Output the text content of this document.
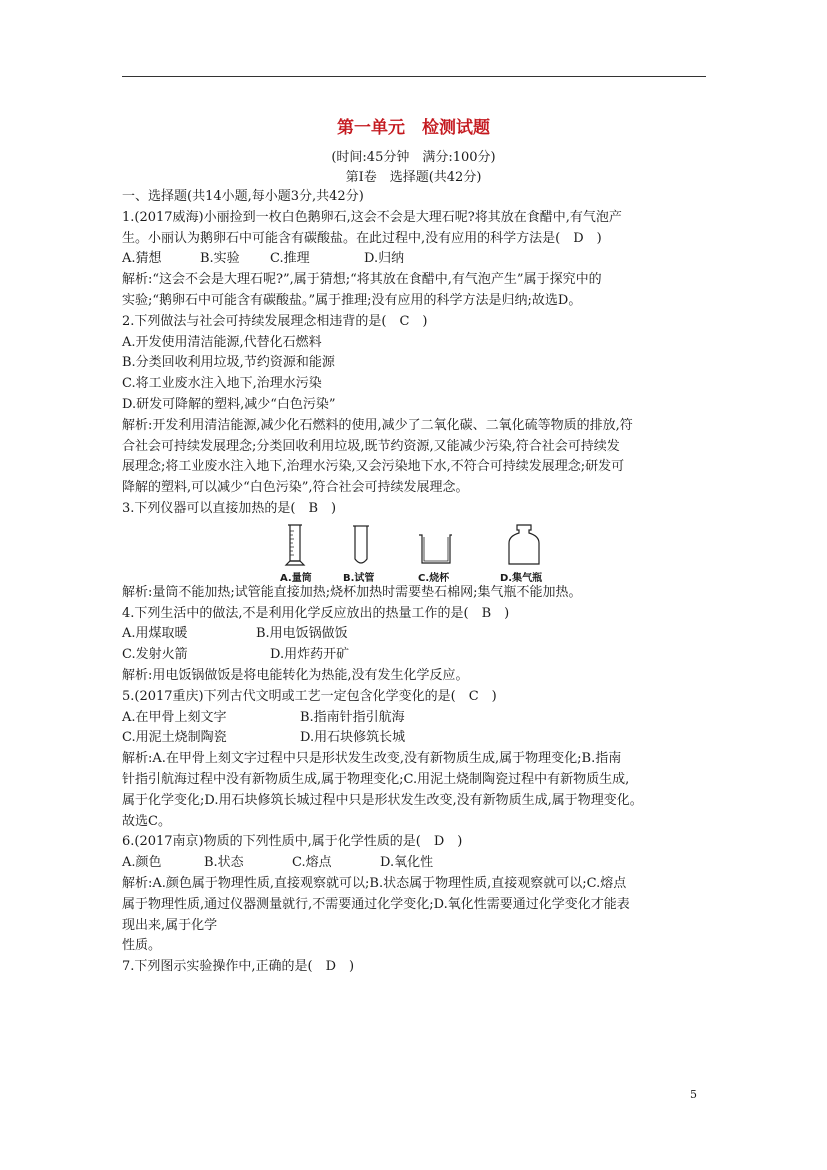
第一单元　检测试题
(时间:45分钟　满分:100分)
第Ⅰ卷　选择题(共42分)

一、选择题(共14小题,每小题3分,共42分)

1.(2017威海)小丽捡到一枚白色鹅卵石,这会不会是大理石呢?将其放在食醋中,有气泡产

生。小丽认为鹅卵石中可能含有碳酸盐。在此过程中,没有应用的科学方法是(　D　)

A.猜想	B.实验 C.推理	D.归纳

解析:“这会不会是大理石呢?”,属于猜想;“将其放在食醋中,有气泡产生”属于探究中的

实验;“鹅卵石中可能含有碳酸盐。”属于推理;没有应用的科学方法是归纳;故选D。

2.下列做法与社会可持续发展理念相违背的是(　C　)

A.开发使用清洁能源,代替化石燃料

B.分类回收利用垃圾,节约资源和能源

C.将工业废水注入地下,治理水污染

D.研发可降解的塑料,减少“白色污染”

解析:开发利用清洁能源,减少化石燃料的使用,减少了二氧化碳、二氧化硫等物质的排放,符

合社会可持续发展理念;分类回收利用垃圾,既节约资源,又能减少污染,符合社会可持续发

展理念;将工业废水注入地下,治理水污染,又会污染地下水,不符合可持续发展理念;研发可

降解的塑料,可以减少“白色污染”,符合社会可持续发展理念。

3.下列仪器可以直接加热的是(　B　)

A.量筒	B.试管	C.烧杯	D.集气瓶

解析:量筒不能加热;试管能直接加热;烧杯加热时需要垫石棉网;集气瓶不能加热。

4.下列生活中的做法,不是利用化学反应放出的热量工作的是(　B　)

A.用煤取暖	B.用电饭锅做饭

C.发射火箭	D.用炸药开矿

解析:用电饭锅做饭是将电能转化为热能,没有发生化学反应。

5.(2017重庆)下列古代文明或工艺一定包含化学变化的是(　C　)

A.在甲骨上刻文字	B.指南针指引航海

C.用泥土烧制陶瓷	D.用石块修筑长城

解析:A.在甲骨上刻文字过程中只是形状发生改变,没有新物质生成,属于物理变化;B.指南

针指引航海过程中没有新物质生成,属于物理变化;C.用泥土烧制陶瓷过程中有新物质生成,

属于化学变化;D.用石块修筑长城过程中只是形状发生改变,没有新物质生成,属于物理变化。

故选C。

6.(2017南京)物质的下列性质中,属于化学性质的是(　D　)

A.颜色	B.状态	C.熔点	D.氧化性

解析:A.颜色属于物理性质,直接观察就可以;B.状态属于物理性质,直接观察就可以;C.熔点

属于物理性质,通过仪器测量就行,不需要通过化学变化;D.氧化性需要通过化学变化才能表

现出来,属于化学

性质。

7.下列图示实验操作中,正确的是(　D　)

5
